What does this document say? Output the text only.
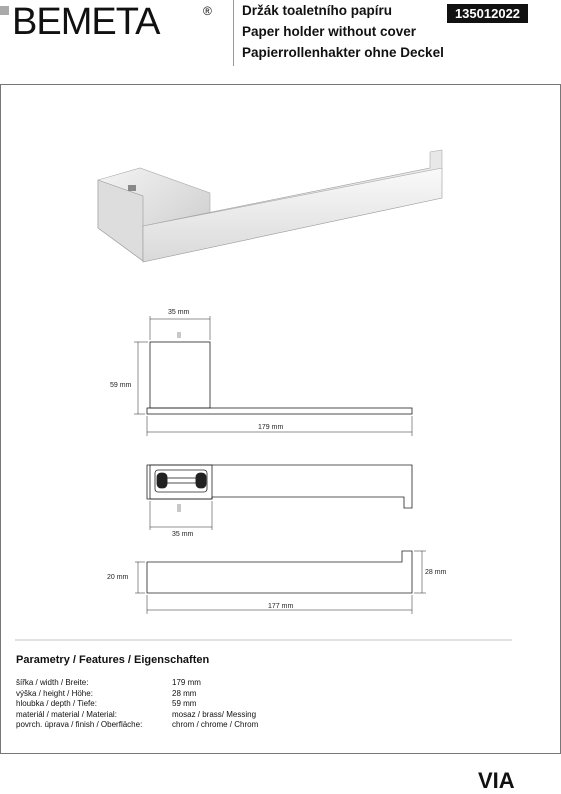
BEMETA	® Držák toaletního papíru
Paper holder without cover
Papierrollenhakter ohne Deckel
135012022
35 mm
59 mm
179 mm
35 mm
20 mm
28 mm
177 mm
Parametry / Features / Eigenschaften
šířka / width / Breite:	179 mm
výška / height / Höhe:	28 mm
hloubka / depth / Tiefe:	59 mm
materiál / material / Material:	mosaz / brass/ Messing
povrch. úprava / finish / Oberfläche:	chrom / chrome / Chrom
VIA
